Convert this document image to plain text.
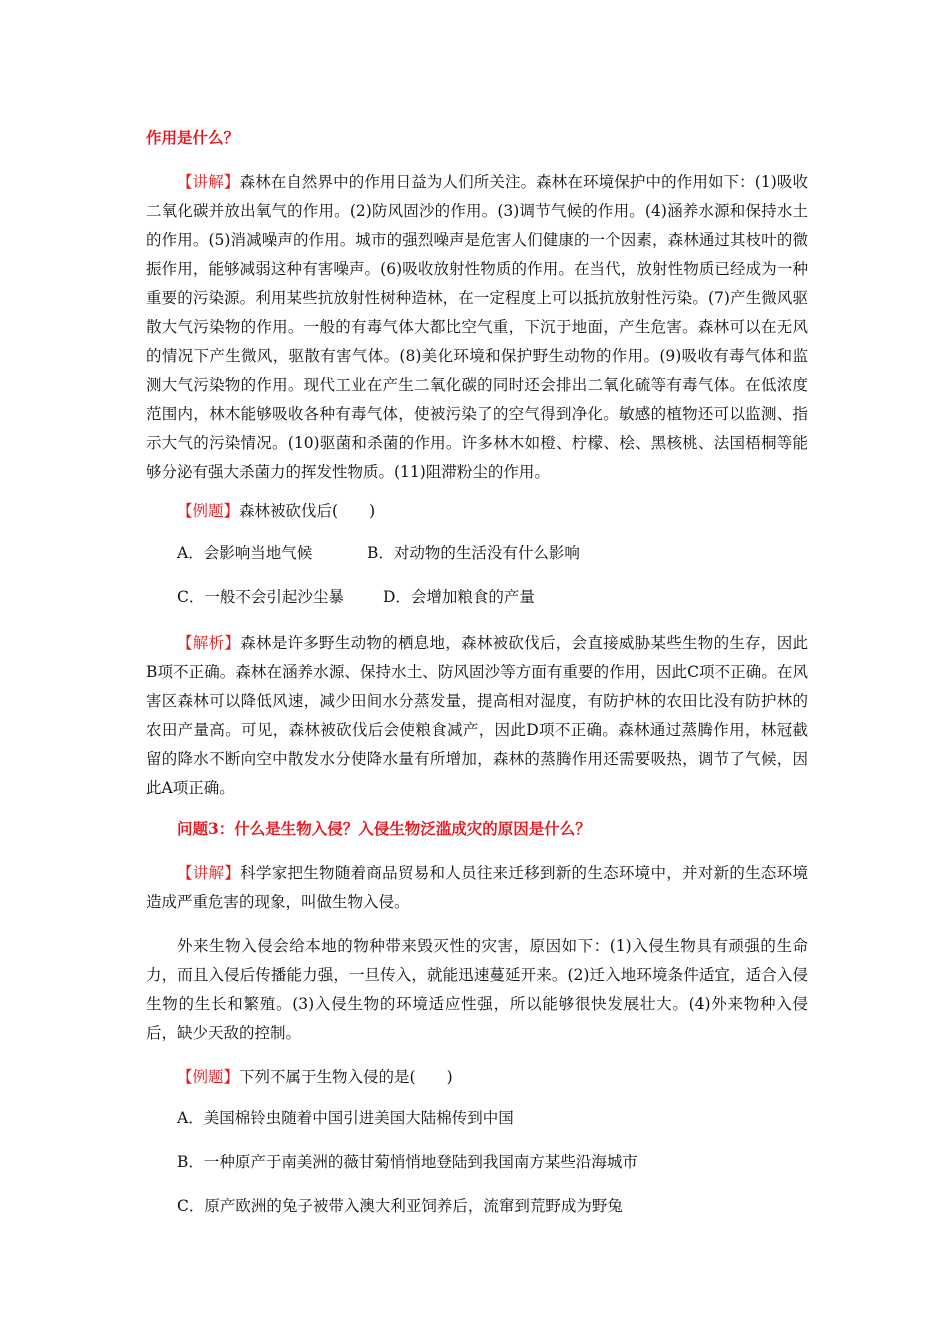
作用是什么？

【讲解】森林在自然界中的作用日益为人们所关注。森林在环境保护中的作用如下：(1)吸收二氧化碳并放出氧气的作用。(2)防风固沙的作用。(3)调节气候的作用。(4)涵养水源和保持水土的作用。(5)消减噪声的作用。城市的强烈噪声是危害人们健康的一个因素，森林通过其枝叶的微振作用，能够减弱这种有害噪声。(6)吸收放射性物质的作用。在当代，放射性物质已经成为一种重要的污染源。利用某些抗放射性树种造林，在一定程度上可以抵抗放射性污染。(7)产生微风驱散大气污染物的作用。一般的有毒气体大都比空气重，下沉于地面，产生危害。森林可以在无风的情况下产生微风，驱散有害气体。(8)美化环境和保护野生动物的作用。(9)吸收有毒气体和监测大气污染物的作用。现代工业在产生二氧化碳的同时还会排出二氧化硫等有毒气体。在低浓度范围内，林木能够吸收各种有毒气体，使被污染了的空气得到净化。敏感的植物还可以监测、指示大气的污染情况。(10)驱菌和杀菌的作用。许多林木如橙、柠檬、桧、黑核桃、法国梧桐等能够分泌有强大杀菌力的挥发性物质。(11)阻滞粉尘的作用。

【例题】森林被砍伐后(　　)

A．会影响当地气候	B．对动物的生活没有什么影响

C．一般不会引起沙尘暴	D．会增加粮食的产量

【解析】森林是许多野生动物的栖息地，森林被砍伐后，会直接威胁某些生物的生存，因此B项不正确。森林在涵养水源、保持水土、防风固沙等方面有重要的作用，因此C项不正确。在风害区森林可以降低风速，减少田间水分蒸发量，提高相对湿度，有防护林的农田比没有防护林的农田产量高。可见，森林被砍伐后会使粮食减产，因此D项不正确。森林通过蒸腾作用，林冠截留的降水不断向空中散发水分使降水量有所增加，森林的蒸腾作用还需要吸热，调节了气候，因此A项正确。

问题3：什么是生物入侵？入侵生物泛滥成灾的原因是什么？

【讲解】科学家把生物随着商品贸易和人员往来迁移到新的生态环境中，并对新的生态环境造成严重危害的现象，叫做生物入侵。

外来生物入侵会给本地的物种带来毁灭性的灾害，原因如下：(1)入侵生物具有顽强的生命力，而且入侵后传播能力强，一旦传入，就能迅速蔓延开来。(2)迁入地环境条件适宜，适合入侵生物的生长和繁殖。(3)入侵生物的环境适应性强，所以能够很快发展壮大。(4)外来物种入侵后，缺少天敌的控制。

【例题】下列不属于生物入侵的是(　　)

A．美国棉铃虫随着中国引进美国大陆棉传到中国

B．一种原产于南美洲的薇甘菊悄悄地登陆到我国南方某些沿海城市

C．原产欧洲的兔子被带入澳大利亚饲养后，流窜到荒野成为野兔
